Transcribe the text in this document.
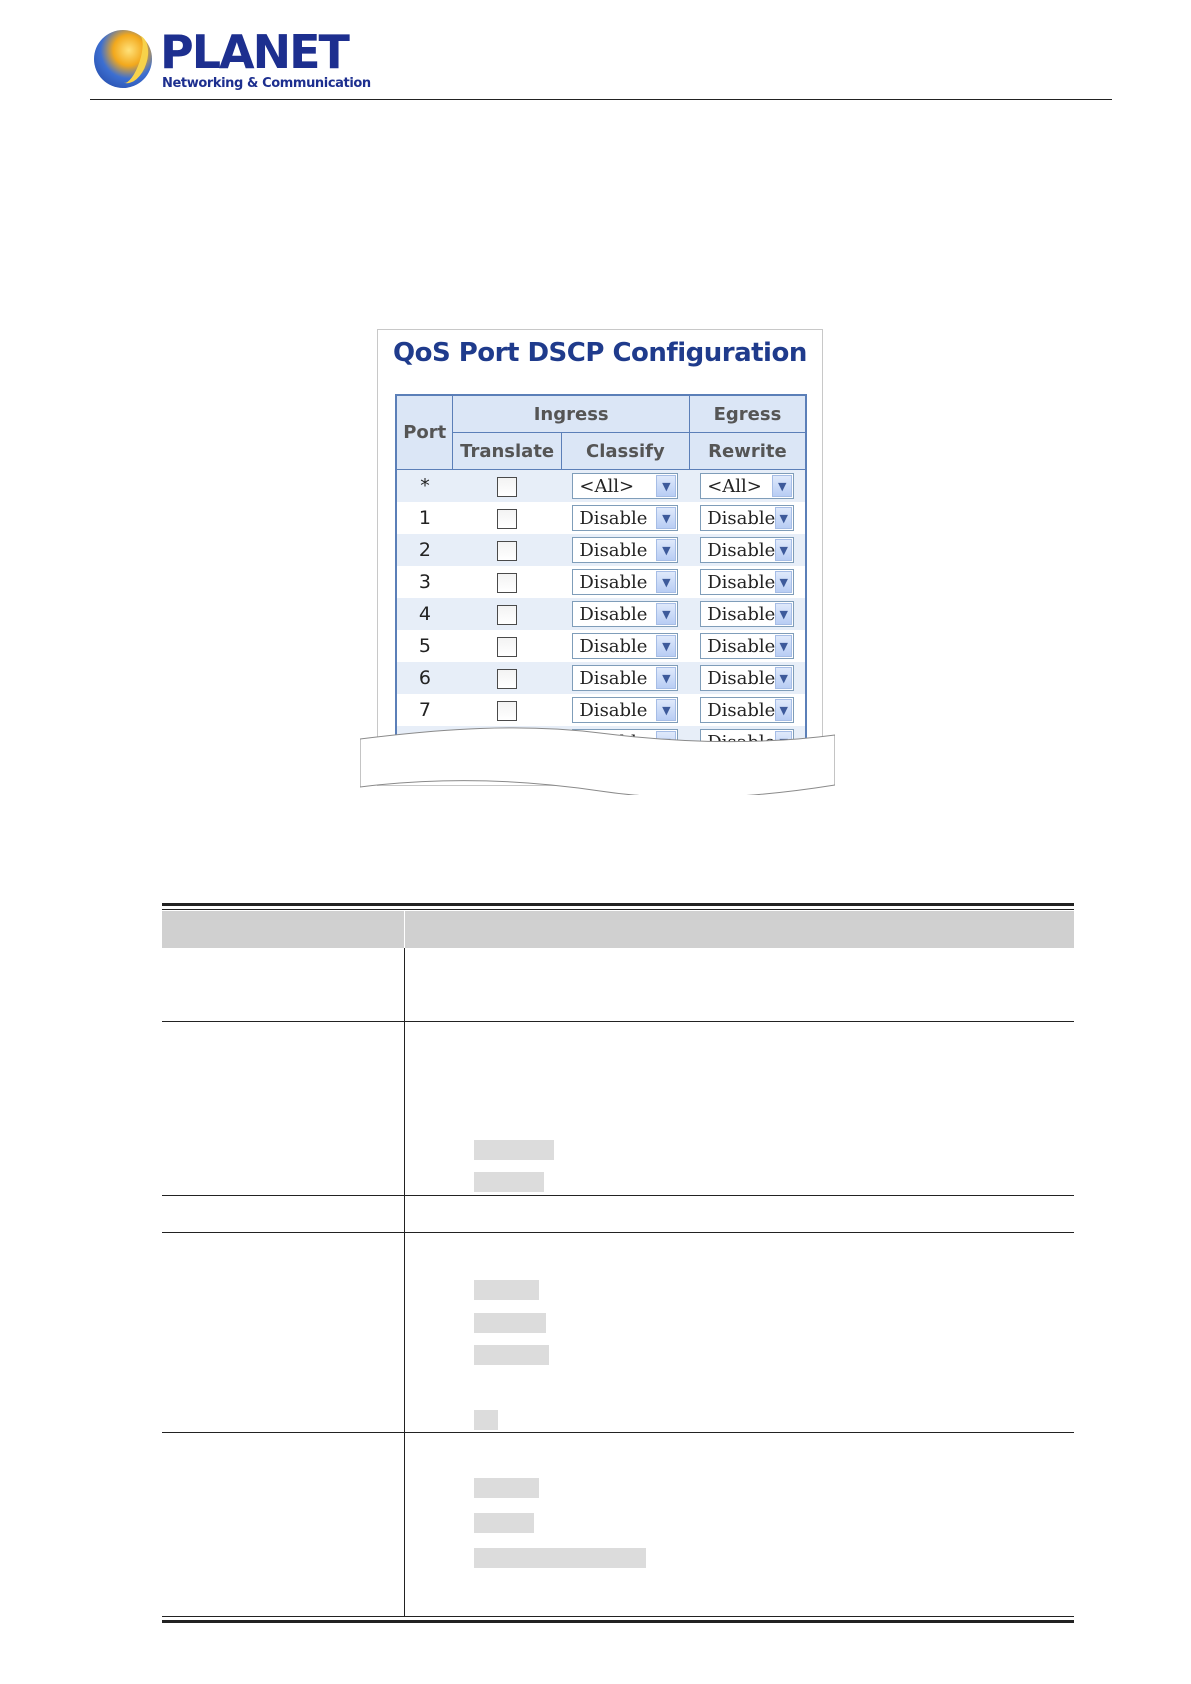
PLANET
Networking & Communication
QoS Port DSCP Configuration
Port	Ingress		Egress
	Translate	Classify	Rewrite
*		<All> ▼	<All> ▼

1		Disable ▼	Disable ▼

2		Disable ▼	Disable ▼

3		Disable ▼	Disable ▼

4		Disable ▼	Disable ▼

5		Disable ▼	Disable ▼

6		Disable ▼	Disable ▼

7		Disable ▼	Disable ▼
